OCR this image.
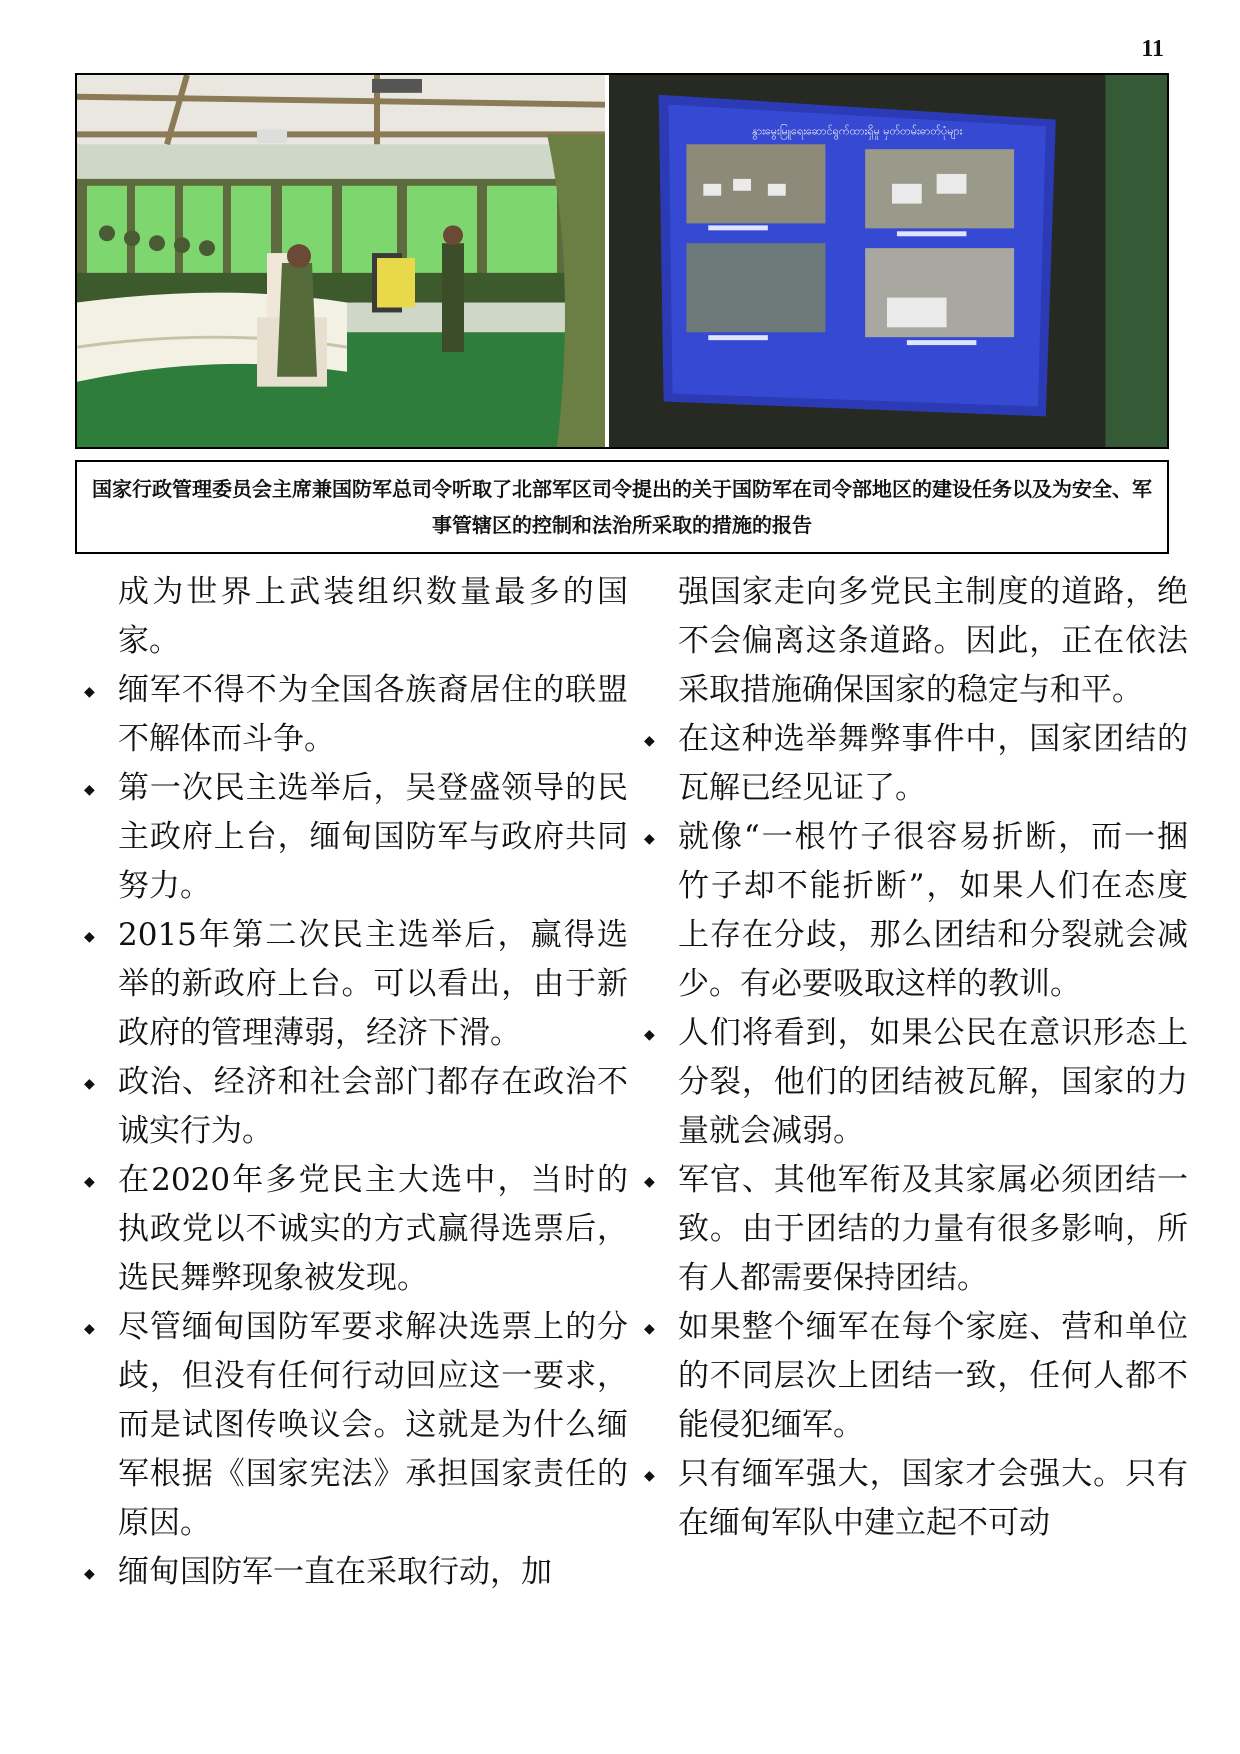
11
နွားမွေးမြူရေးဆောင်ရွက်ထားရှိမှု မှတ်တမ်းဓာတ်ပုံများ
国家行政管理委员会主席兼国防军总司令听取了北部军区司令提出的关于国防军在司令部地区的建设任务以及为安全、军事管辖区的控制和法治所采取的措施的报告
成为世界上武装组织数量最多的国家。
◆ 缅军不得不为全国各族裔居住的联盟不解体而斗争。
◆ 第一次民主选举后，吴登盛领导的民主政府上台，缅甸国防军与政府共同努力。
◆ 2015年第二次民主选举后，赢得选举的新政府上台。可以看出，由于新政府的管理薄弱，经济下滑。
◆ 政治、经济和社会部门都存在政治不诚实行为。
◆ 在2020年多党民主大选中，当时的执政党以不诚实的方式赢得选票后，选民舞弊现象被发现。
◆ 尽管缅甸国防军要求解决选票上的分歧，但没有任何行动回应这一要求，而是试图传唤议会。这就是为什么缅军根据《国家宪法》承担国家责任的原因。
◆ 缅甸国防军一直在采取行动，加
强国家走向多党民主制度的道路，绝不会偏离这条道路。因此，正在依法采取措施确保国家的稳定与和平。
◆ 在这种选举舞弊事件中，国家团结的瓦解已经见证了。
◆ 就像“一根竹子很容易折断，而一捆竹子却不能折断”，如果人们在态度上存在分歧，那么团结和分裂就会减少。有必要吸取这样的教训。
◆ 人们将看到，如果公民在意识形态上分裂，他们的团结被瓦解，国家的力量就会减弱。
◆ 军官、其他军衔及其家属必须团结一致。由于团结的力量有很多影响，所有人都需要保持团结。
◆ 如果整个缅军在每个家庭、营和单位的不同层次上团结一致，任何人都不能侵犯缅军。
◆ 只有缅军强大，国家才会强大。只有在缅甸军队中建立起不可动
